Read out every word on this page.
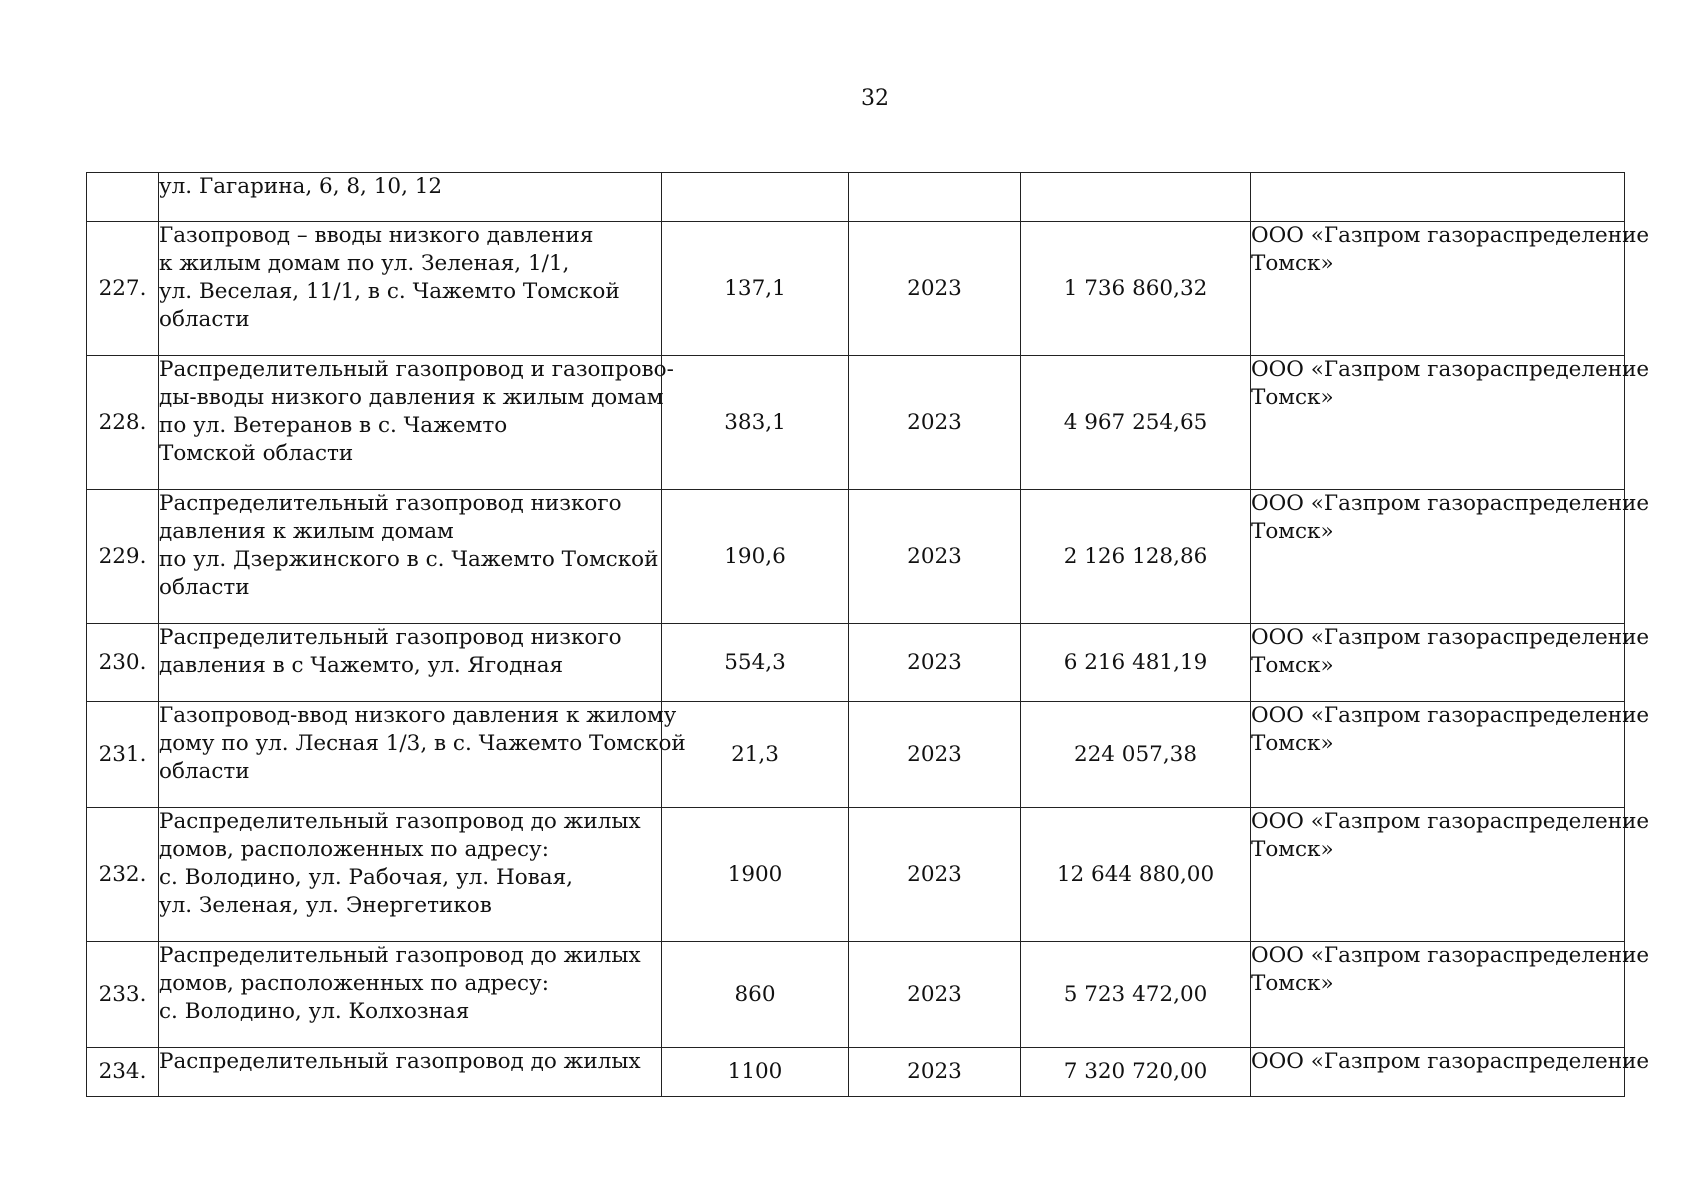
32

	ул. Гагарина, 6, 8, 10, 12				

227.	Газопровод – вводы низкого давления
к жилым домам по ул. Зеленая, 1/1,
ул. Веселая, 11/1, в с. Чажемто Томской
области	137,1	2023	1 736 860,32	ООО «Газпром газораспределение
Томск»

228.	Распределительный газопровод и газопрово-
ды-вводы низкого давления к жилым домам
по ул. Ветеранов в с. Чажемто
Томской области	383,1	2023	4 967 254,65	ООО «Газпром газораспределение
Томск»

229.	Распределительный газопровод низкого
давления к жилым домам
по ул. Дзержинского в с. Чажемто Томской
области	190,6	2023	2 126 128,86	ООО «Газпром газораспределение
Томск»

230.	Распределительный газопровод низкого
давления в с Чажемто, ул. Ягодная	554,3	2023	6 216 481,19	ООО «Газпром газораспределение
Томск»

231.	Газопровод-ввод низкого давления к жилому
дому по ул. Лесная 1/3, в с. Чажемто Томской
области	21,3	2023	224 057,38	ООО «Газпром газораспределение
Томск»

232.	Распределительный газопровод до жилых
домов, расположенных по адресу:
с. Володино, ул. Рабочая, ул. Новая,
ул. Зеленая, ул. Энергетиков	1900	2023	12 644 880,00	ООО «Газпром газораспределение
Томск»

233.	Распределительный газопровод до жилых
домов, расположенных по адресу:
с. Володино, ул. Колхозная	860	2023	5 723 472,00	ООО «Газпром газораспределение
Томск»

234.	Распределительный газопровод до жилых	1100	2023	7 320 720,00	ООО «Газпром газораспределение
